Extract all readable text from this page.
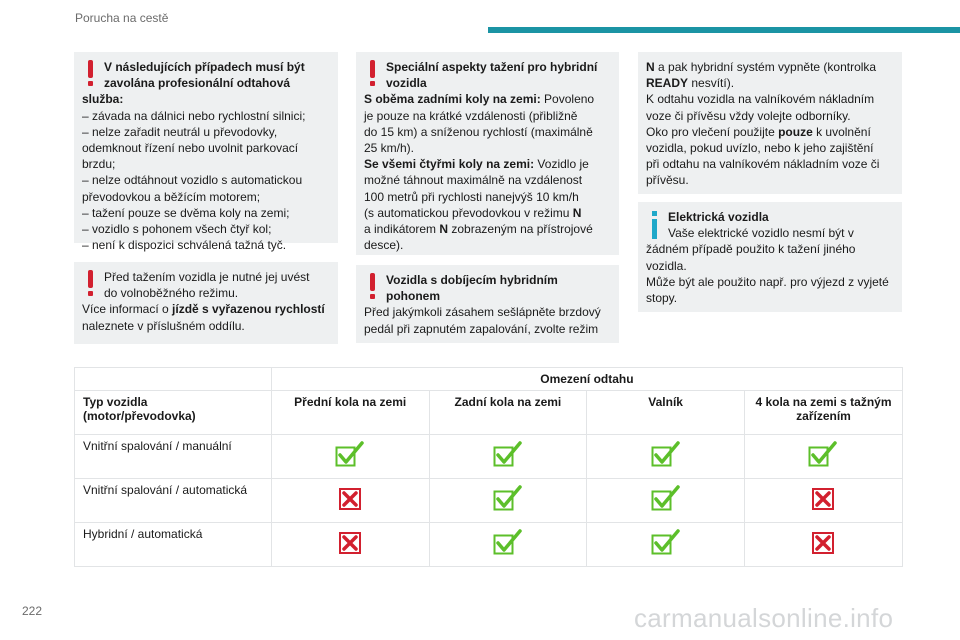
Porucha na cestě
V následujících případech musí být
zavolána profesionální odtahová
služba:
– závada na dálnici nebo rychlostní silnici;
– nelze zařadit neutrál u převodovky,
odemknout řízení nebo uvolnit parkovací
brzdu;
– nelze odtáhnout vozidlo s automatickou
převodovkou a běžícím motorem;
– tažení pouze se dvěma koly na zemi;
– vozidlo s pohonem všech čtyř kol;
– není k dispozici schválená tažná tyč.
Před tažením vozidla je nutné jej uvést
do volnoběžného režimu.
Více informací o jízdě s vyřazenou rychlostí
naleznete v příslušném oddílu.
Speciální aspekty tažení pro hybridní
vozidla
S oběma zadními koly na zemi: Povoleno
je pouze na krátké vzdálenosti (přibližně
do 15 km) a sníženou rychlostí (maximálně
25 km/h).
Se všemi čtyřmi koly na zemi: Vozidlo je
možné táhnout maximálně na vzdálenost
100 metrů při rychlosti nanejvýš 10 km/h
(s automatickou převodovkou v režimu N
a indikátorem N zobrazeným na přístrojové
desce).
Vozidla s dobíjecím hybridním
pohonem
Před jakýmkoli zásahem sešlápněte brzdový
pedál při zapnutém zapalování, zvolte režim
N a pak hybridní systém vypněte (kontrolka
READY nesvítí).
K odtahu vozidla na valníkovém nákladním
voze či přívěsu vždy volejte odborníky.
Oko pro vlečení použijte pouze k uvolnění
vozidla, pokud uvízlo, nebo k jeho zajištění
při odtahu na valníkovém nákladním voze či
přívěsu.
Elektrická vozidla
Vaše elektrické vozidlo nesmí být v
žádném případě použito k tažení jiného
vozidla.
Může být ale použito např. pro výjezd z vyjeté
stopy.
	Omezení odtahu			

Typ vozidla
(motor/převodovka)	Přední kola na zemi	Zadní kola na zemi	Valník	4 kola na zemi s tažným
zařízením

Vnitřní spalování / manuální				
Vnitřní spalování / automatická				
Hybridní / automatická				
222	carmanualsonline.info
